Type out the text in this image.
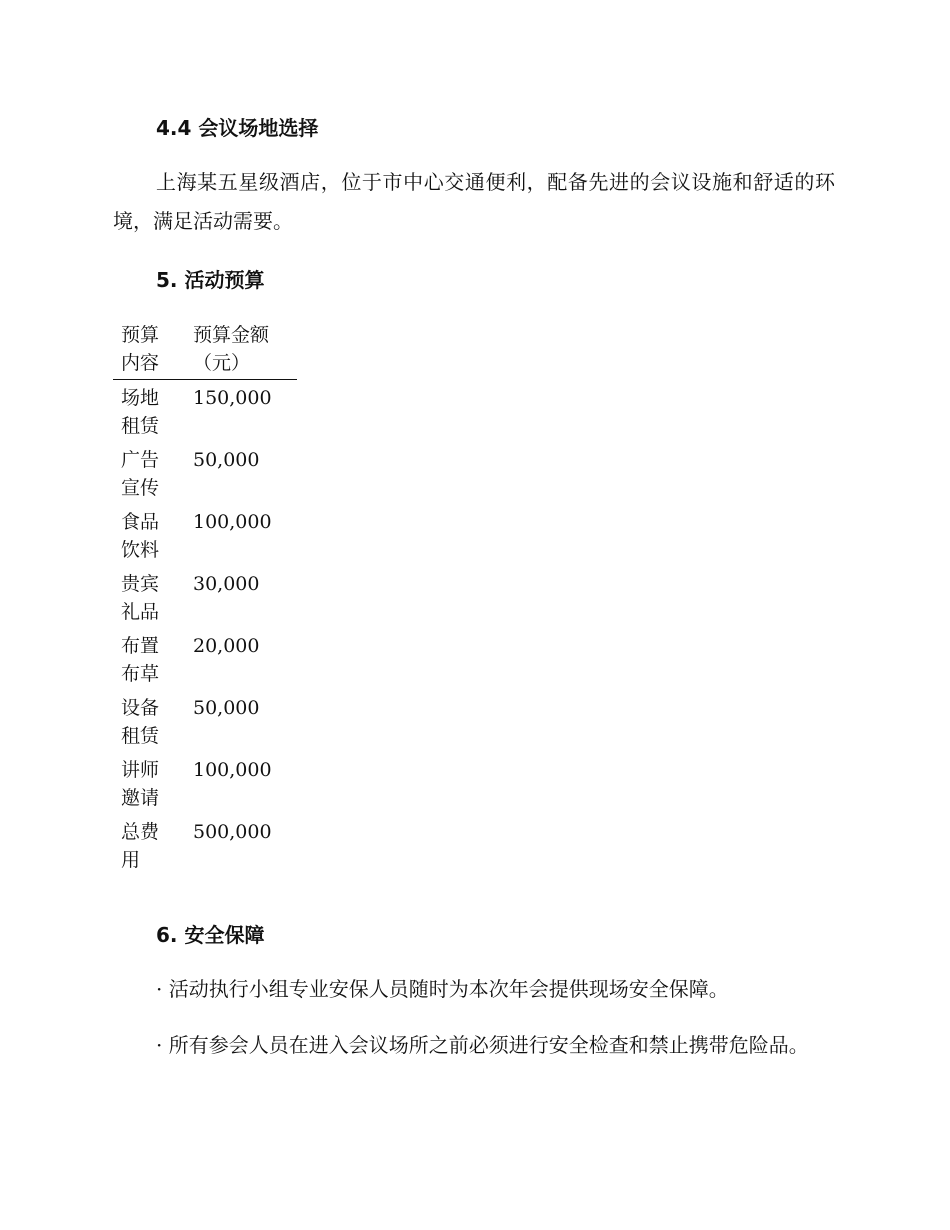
4.4 会议场地选择

上海某五星级酒店，位于市中心交通便利，配备先进的会议设施和舒适的环境，满足活动需要。

5. 活动预算
预算内容	预算金额（元）
场地租赁	150,000
广告宣传	50,000
食品饮料	100,000
贵宾礼品	30,000
布置布草	20,000
设备租赁	50,000
讲师邀请	100,000
总费用	500,000
6. 安全保障

· 活动执行小组专业安保人员随时为本次年会提供现场安全保障。

· 所有参会人员在进入会议场所之前必须进行安全检查和禁止携带危险品。
